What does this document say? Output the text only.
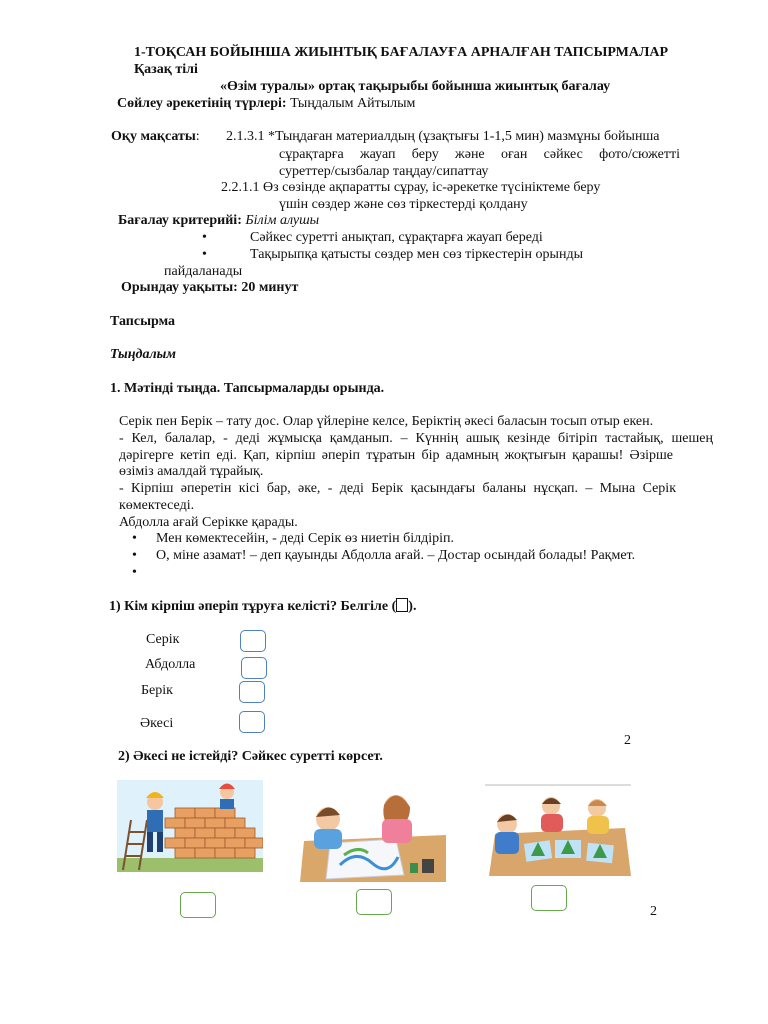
1-ТОҚСАН БОЙЫНША ЖИЫНТЫҚ БАҒАЛАУҒА АРНАЛҒАН ТАПСЫРМАЛАР
Қазақ тілі
«Өзім туралы» ортақ тақырыбы бойынша жиынтық бағалау
Сөйлеу әрекетінің түрлері: Тыңдалым Айтылым
Оқу мақсаты: 2.1.3.1 *Тыңдаған материалдың (ұзақтығы 1-1,5 мин) мазмұны бойынша
сұрақтарға жауап беру және оған сәйкес фото/сюжетті
суреттер/сызбалар таңдау/сипаттау
2.2.1.1 Өз сөзінде ақпаратты сұрау, іс-әрекетке түсініктеме беру
үшін сөздер және сөз тіркестерді қолдану
Бағалау критерийі: Білім алушы
•	Сәйкес суретті анықтап, сұрақтарға жауап береді
•	Тақырыпқа қатысты сөздер мен сөз тіркестерін орынды
пайдаланады
Орындау уақыты: 20 минут
Тапсырма
Тыңдалым
1. Мәтінді тыңда. Тапсырмаларды орында.
Серік пен Берік – тату дос. Олар үйлеріне келсе, Беріктің әкесі баласын тосып отыр екен.
- Кел, балалар, - деді жұмысқа қамданып. – Күннің ашық кезінде бітіріп тастайық, шешең
дәрігерге кетіп еді. Қап, кірпіш әперіп тұратын бір адамның жоқтығын қарашы! Әзірше
өзіміз амалдай тұрайық.
- Кірпіш әперетін кісі бар, әке, - деді Берік қасындағы баланы нұсқап. – Мына Серік
көмектеседі.
Абдолла ағай Серікке қарады.
• Мен көмектесейін, - деді Серік өз ниетін білдіріп.
• О, міне азамат! – деп қауынды Абдолла ағай. – Достар осындай болады! Рақмет.
•
1) Кім кірпіш әперіп тұруға келісті? Белгіле ( ).
Серік
Абдолла
Берік
Әкесі
2
2) Әкесі не істейді? Сәйкес суретті көрсет.
2
